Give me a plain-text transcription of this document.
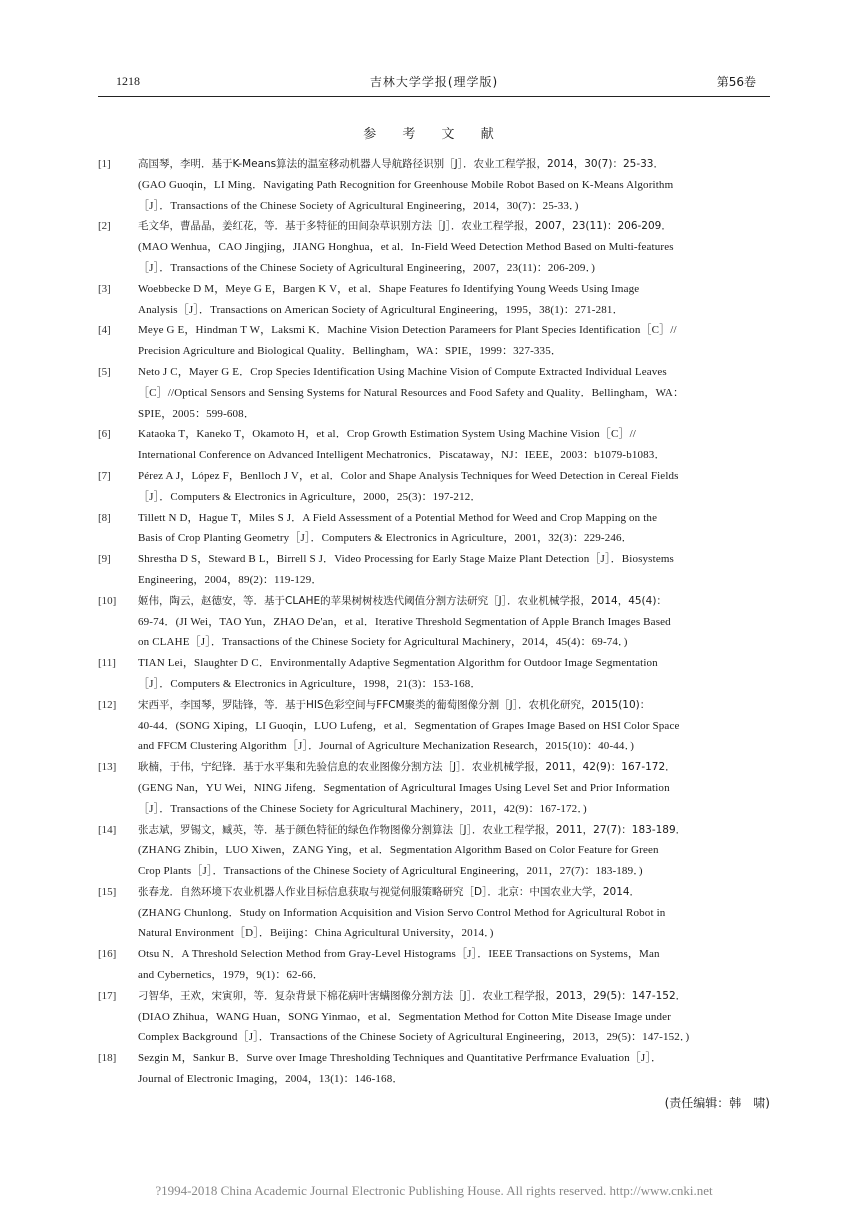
1218	吉林大学学报(理学版)	第56卷
参 考 文 献
[1]	高国琴，李明．基于K-Means算法的温室移动机器人导航路径识别［J］．农业工程学报，2014，30(7)：25-33．
(GAO Guoqin，LI Ming．Navigating Path Recognition for Greenhouse Mobile Robot Based on K-Means Algorithm
［J］．Transactions of the Chinese Society of Agricultural Engineering，2014，30(7)：25-33．)
[2]	毛文华，曹晶晶，姜红花，等．基于多特征的田间杂草识别方法［J］．农业工程学报，2007，23(11)：206-209．
(MAO Wenhua，CAO Jingjing，JIANG Honghua，et al．In-Field Weed Detection Method Based on Multi-features
［J］．Transactions of the Chinese Society of Agricultural Engineering，2007，23(11)：206-209．)
[3] Woebbecke D M，Meye G E，Bargen K V，et al．Shape Features fo Identifying Young Weeds Using Image
Analysis［J］．Transactions on American Society of Agricultural Engineering，1995，38(1)：271-281．
[4] Meye G E，Hindman T W，Laksmi K．Machine Vision Detection Parameers for Plant Species Identification［C］//
Precision Agriculture and Biological Quality．Bellingham，WA：SPIE，1999：327-335．
[5] Neto J C，Mayer G E．Crop Species Identification Using Machine Vision of Compute Extracted Individual Leaves
［C］//Optical Sensors and Sensing Systems for Natural Resources and Food Safety and Quality．Bellingham，WA：
SPIE，2005：599-608．
[6] Kataoka T，Kaneko T，Okamoto H，et al．Crop Growth Estimation System Using Machine Vision［C］//
International Conference on Advanced Intelligent Mechatronics．Piscataway，NJ：IEEE，2003：b1079-b1083．
[7] Pérez A J，López F，Benlloch J V，et al．Color and Shape Analysis Techniques for Weed Detection in Cereal Fields
［J］．Computers & Electronics in Agriculture，2000，25(3)：197-212．
[8] Tillett N D，Hague T，Miles S J．A Field Assessment of a Potential Method for Weed and Crop Mapping on the
Basis of Crop Planting Geometry［J］．Computers & Electronics in Agriculture，2001，32(3)：229-246．
[9] Shrestha D S，Steward B L，Birrell S J．Video Processing for Early Stage Maize Plant Detection［J］．Biosystems
Engineering，2004，89(2)：119-129．
[10] 姬伟，陶云，赵德安，等．基于CLAHE的苹果树树枝迭代阈值分割方法研究［J］．农业机械学报，2014，45(4)：
69-74．(JI Wei，TAO Yun，ZHAO De'an，et al．Iterative Threshold Segmentation of Apple Branch Images Based
on CLAHE［J］．Transactions of the Chinese Society for Agricultural Machinery，2014，45(4)：69-74．)
[11] TIAN Lei，Slaughter D C．Environmentally Adaptive Segmentation Algorithm for Outdoor Image Segmentation
［J］．Computers & Electronics in Agriculture，1998，21(3)：153-168．
[12] 宋西平，李国琴，罗陆锋，等．基于HIS色彩空间与FFCM聚类的葡萄图像分割［J］．农机化研究，2015(10)：
40-44．(SONG Xiping，LI Guoqin，LUO Lufeng，et al．Segmentation of Grapes Image Based on HSI Color Space
and FFCM Clustering Algorithm［J］．Journal of Agriculture Mechanization Research，2015(10)：40-44．)
[13] 耿楠，于伟，宁纪锋．基于水平集和先验信息的农业图像分割方法［J］．农业机械学报，2011，42(9)：167-172．
(GENG Nan，YU Wei，NING Jifeng．Segmentation of Agricultural Images Using Level Set and Prior Information
［J］．Transactions of the Chinese Society for Agricultural Machinery，2011，42(9)：167-172．)
[14] 张志斌，罗锡文，臧英，等．基于颜色特征的绿色作物图像分割算法［J］．农业工程学报，2011，27(7)：183-189．
(ZHANG Zhibin，LUO Xiwen，ZANG Ying，et al．Segmentation Algorithm Based on Color Feature for Green
Crop Plants［J］．Transactions of the Chinese Society of Agricultural Engineering，2011，27(7)：183-189．)
[15] 张春龙．自然环境下农业机器人作业目标信息获取与视觉伺服策略研究［D］．北京：中国农业大学，2014．
(ZHANG Chunlong．Study on Information Acquisition and Vision Servo Control Method for Agricultural Robot in
Natural Environment［D］．Beijing：China Agricultural University，2014．)
[16] Otsu N．A Threshold Selection Method from Gray-Level Histograms［J］．IEEE Transactions on Systems，Man
and Cybernetics，1979，9(1)：62-66．
[17] 刁智华，王欢，宋寅卯，等．复杂背景下棉花病叶害螨图像分割方法［J］．农业工程学报，2013，29(5)：147-152．
(DIAO Zhihua，WANG Huan，SONG Yinmao，et al．Segmentation Method for Cotton Mite Disease Image under
Complex Background［J］．Transactions of the Chinese Society of Agricultural Engineering，2013，29(5)：147-152．)
[18] Sezgin M，Sankur B．Surve over Image Thresholding Techniques and Quantitative Perfrmance Evaluation［J］．
Journal of Electronic Imaging，2004，13(1)：146-168．
(责任编辑：韩　啸)
?1994-2018 China Academic Journal Electronic Publishing House. All rights reserved. http://www.cnki.net
